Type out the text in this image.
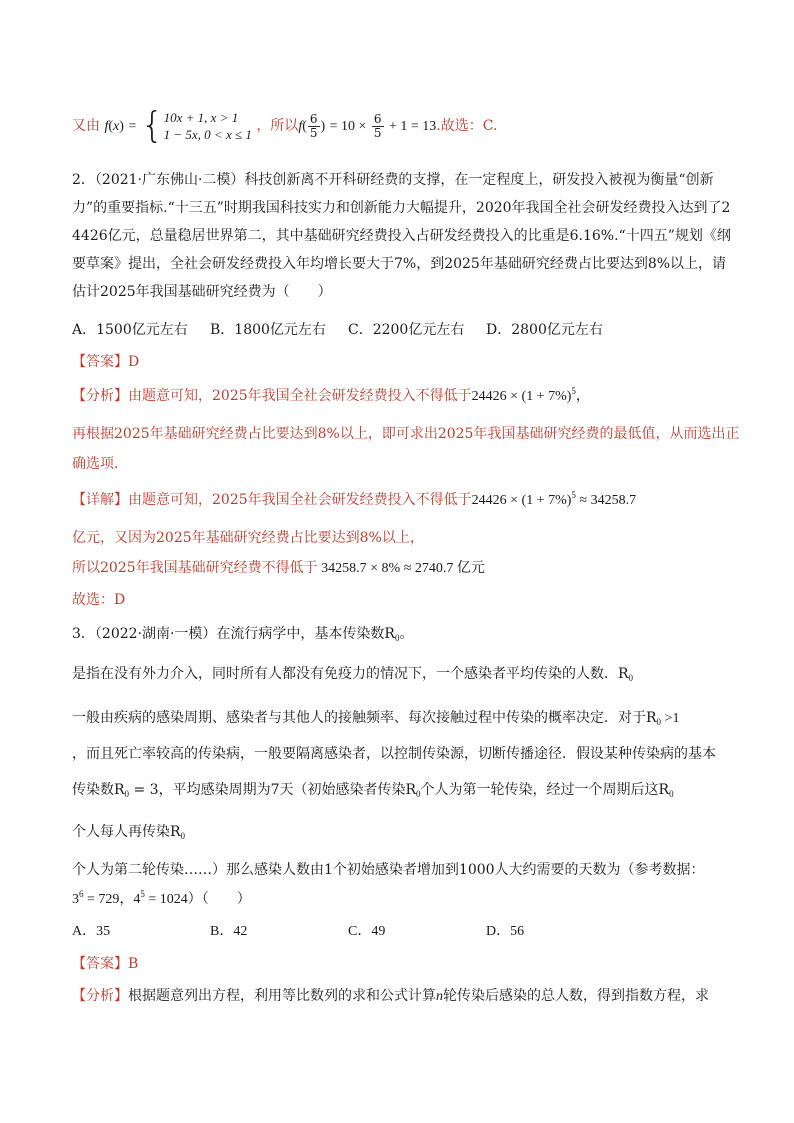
又由 f(x) = { 10x + 1, x > 1
1 − 5x, 0 < x ≤ 1
，所以$f( \frac{6}{5}$ ) = $10 \times \frac{6}{5} + 1 = 13$.故选：C.
2．（2021·广东佛山·二模）科技创新离不开科研经费的支撑，在一定程度上，研发投入被视为衡量“创新
力”的重要指标.“十三五”时期我国科技实力和创新能力大幅提升，2020年我国全社会研发经费投入达到了2
4426亿元，总量稳居世界第二，其中基础研究经费投入占研发经费投入的比重是6.16%.“十四五”规划《纲
要草案》提出，全社会研发经费投入年均增长要大于7%，到2025年基础研究经费占比要达到8%以上，请
估计2025年我国基础研究经费为（　　）
A．1500亿元左右 B．1800亿元左右 C．2200亿元左右 D．2800亿元左右
【答案】D
【分析】由题意可知，2025年我国全社会研发经费投入不得低于$24426 \times (1 + 7\%)^5$，
再根据2025年基础研究经费占比要达到8%以上，即可求出2025年我国基础研究经费的最低值，从而选出正
确选项.
【详解】由题意可知，2025年我国全社会研发经费投入不得低于$24426 \times (1 + 7\%)^5 \approx 34258.7$
亿元，又因为2025年基础研究经费占比要达到8%以上，
所以2025年我国基础研究经费不得低于 34258.7 × 8% ≈ 2740.7 亿元
故选：D
3．（2022·湖南·一模）在流行病学中，基本传染数$R_0$。
是指在没有外力介入，同时所有人都没有免疫力的情况下，一个感染者平均传染的人数．$R_0$
一般由疾病的感染周期、感染者与其他人的接触频率、每次接触过程中传染的概率决定．对于$R_0 >1$
，而且死亡率较高的传染病，一般要隔离感染者，以控制传染源，切断传播途径．假设某种传染病的基本
传染数$R_0 = 3$，平均感染周期为7天（初始感染者传染$R_0$个人为第一轮传染，经过一个周期后这$R_0$
个人每人再传染$R_0$
个人为第二轮传染……）那么感染人数由1个初始感染者增加到1000人大约需要的天数为（参考数据：
$3^6 = 729$，$4^5 = 1024$）（　　）
A．35	B．42	C．49	D．56
【答案】B
【分析】根据题意列出方程，利用等比数列的求和公式计算n轮传染后感染的总人数，得到指数方程，求
